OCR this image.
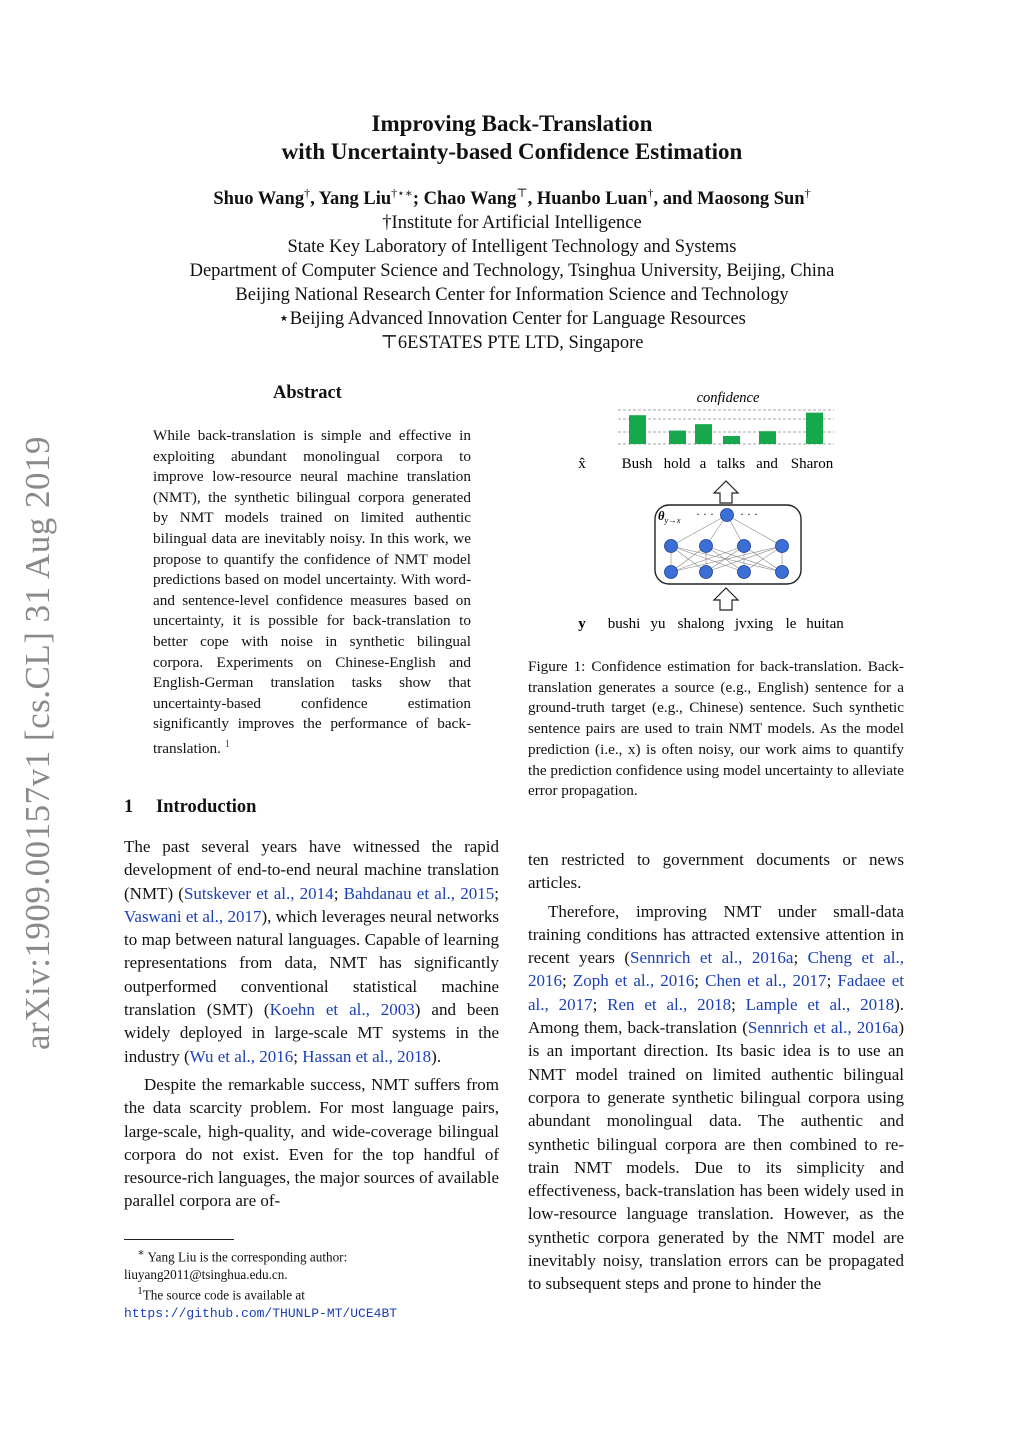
Improving Back-Translation
with Uncertainty-based Confidence Estimation
Shuo Wang†, Yang Liu†⋆∗; Chao Wang⊤, Huanbo Luan†, and Maosong Sun†
†Institute for Artificial Intelligence
State Key Laboratory of Intelligent Technology and Systems
Department of Computer Science and Technology, Tsinghua University, Beijing, China
Beijing National Research Center for Information Science and Technology
⋆Beijing Advanced Innovation Center for Language Resources
⊤6ESTATES PTE LTD, Singapore
arXiv:1909.00157v1 [cs.CL] 31 Aug 2019
Abstract
While back-translation is simple and effective in exploiting abundant monolingual corpora to improve low-resource neural machine translation (NMT), the synthetic bilingual corpora generated by NMT models trained on limited authentic bilingual data are inevitably noisy. In this work, we propose to quantify the confidence of NMT model predictions based on model uncertainty. With word- and sentence-level confidence measures based on uncertainty, it is possible for back-translation to better cope with noise in synthetic bilingual corpora. Experiments on Chinese-English and English-German translation tasks show that uncertainty-based confidence estimation significantly improves the performance of back-translation. $^1$
1 Introduction

The past several years have witnessed the rapid development of end-to-end neural machine translation (NMT) (Sutskever et al., 2014; Bahdanau et al., 2015; Vaswani et al., 2017), which leverages neural networks to map between natural languages. Capable of learning representations from data, NMT has significantly outperformed conventional statistical machine translation (SMT) (Koehn et al., 2003) and been widely deployed in large-scale MT systems in the industry (Wu et al., 2016; Hassan et al., 2018).

Despite the remarkable success, NMT suffers from the data scarcity problem. For most language pairs, large-scale, high-quality, and wide-coverage bilingual corpora do not exist. Even for the top handful of resource-rich languages, the major sources of available parallel corpora are of-

∗ Yang Liu is the corresponding author: liuyang2011@tsinghua.edu.cn.

$^1$The source code is available at https://github.com/THUNLP-MT/UCE4BT

confidence
x̂ Bush hold a talks and Sharon
$\theta_{y\to x}$ · · · · · ·
y bushi yu shalong jvxing le huitan
Figure 1: Confidence estimation for back-translation. Back-translation generates a source (e.g., English) sentence for a ground-truth target (e.g., Chinese) sentence. Such synthetic sentence pairs are used to train NMT models. As the model prediction (i.e., x) is often noisy, our work aims to quantify the prediction confidence using model uncertainty to alleviate error propagation.

ten restricted to government documents or news articles.

Therefore, improving NMT under small-data training conditions has attracted extensive attention in recent years (Sennrich et al., 2016a; Cheng et al., 2016; Zoph et al., 2016; Chen et al., 2017; Fadaee et al., 2017; Ren et al., 2018; Lample et al., 2018). Among them, back-translation (Sennrich et al., 2016a) is an important direction. Its basic idea is to use an NMT model trained on limited authentic bilingual corpora to generate synthetic bilingual corpora using abundant monolingual data. The authentic and synthetic bilingual corpora are then combined to re-train NMT models. Due to its simplicity and effectiveness, back-translation has been widely used in low-resource language translation. However, as the synthetic corpora generated by the NMT model are inevitably noisy, translation errors can be propagated to subsequent steps and prone to hinder the
